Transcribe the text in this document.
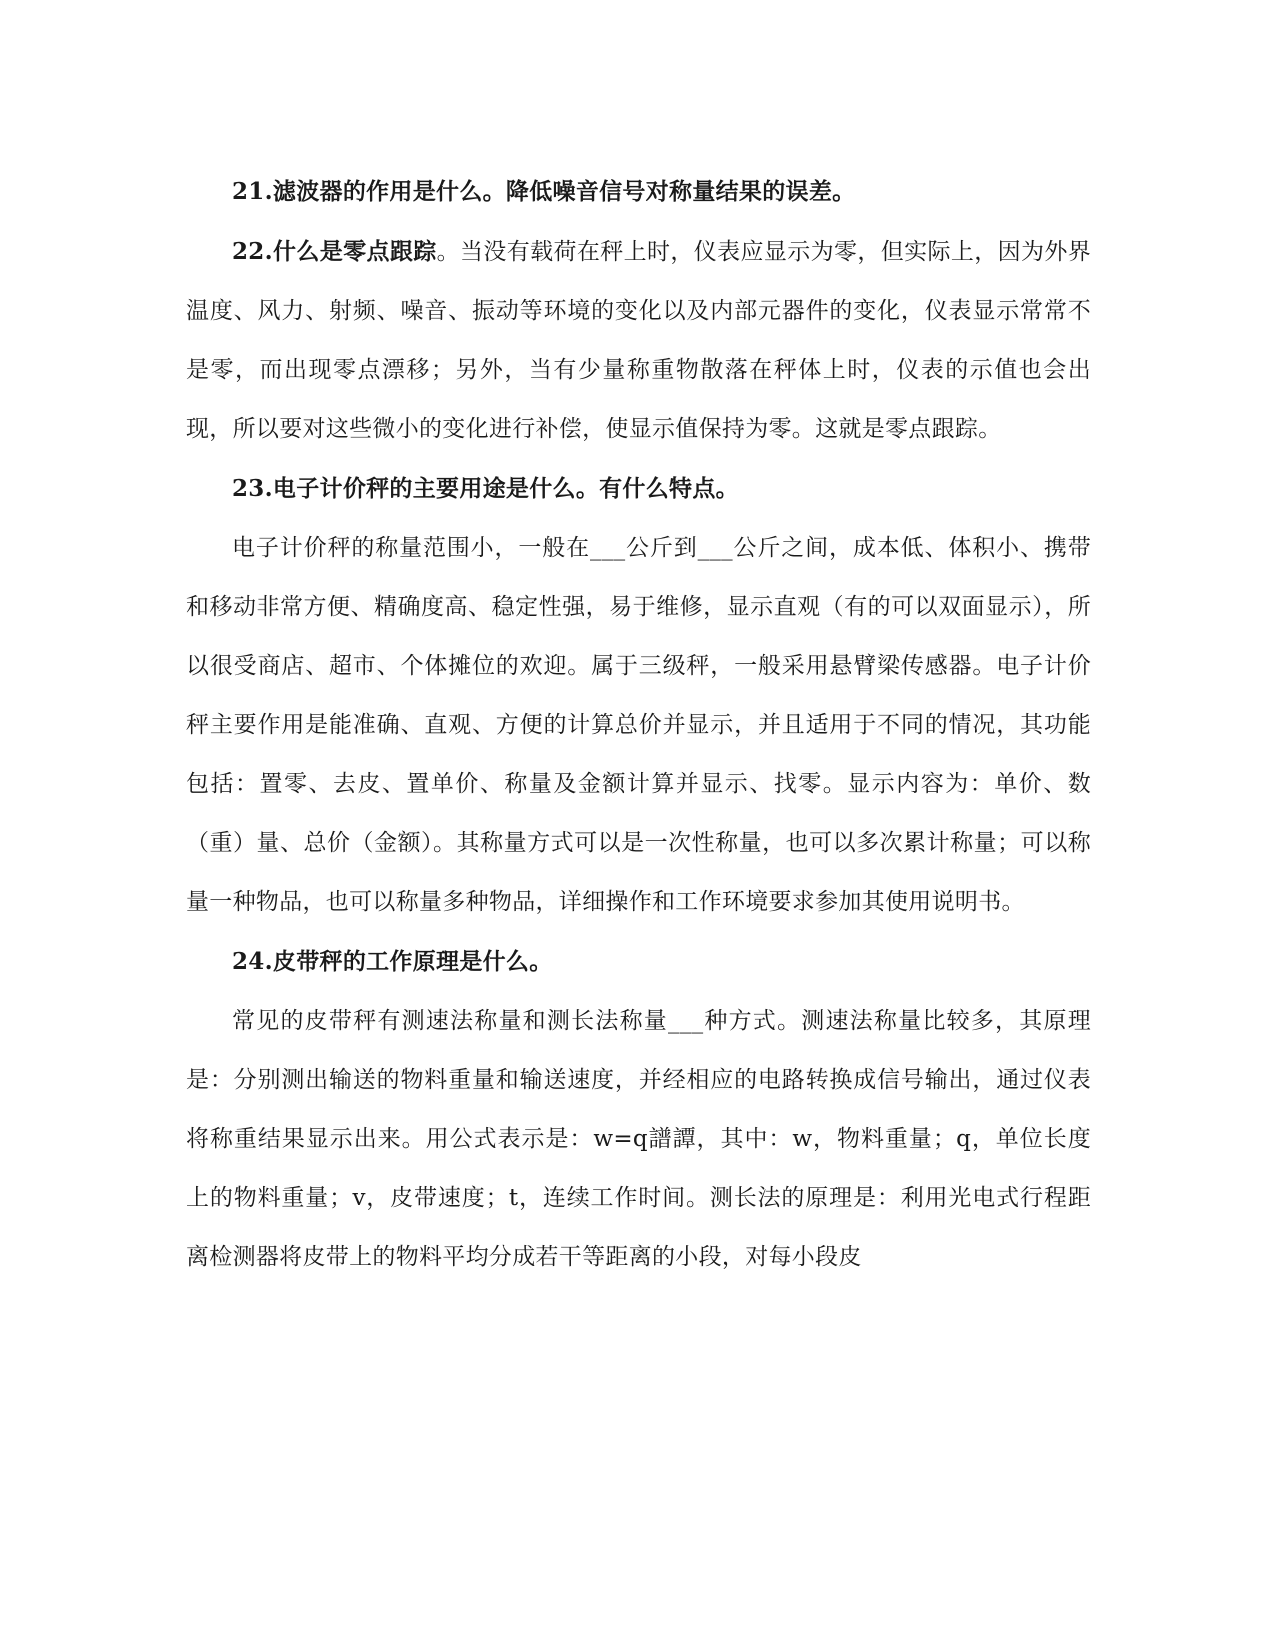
21.滤波器的作用是什么。降低噪音信号对称量结果的误差。

22.什么是零点跟踪。当没有载荷在秤上时，仪表应显示为零，但实际上，因为外界温度、风力、射频、噪音、振动等环境的变化以及内部元器件的变化，仪表显示常常不是零，而出现零点漂移；另外，当有少量称重物散落在秤体上时，仪表的示值也会出现，所以要对这些微小的变化进行补偿，使显示值保持为零。这就是零点跟踪。

23.电子计价秤的主要用途是什么。有什么特点。

电子计价秤的称量范围小，一般在___公斤到___公斤之间，成本低、体积小、携带和移动非常方便、精确度高、稳定性强，易于维修，显示直观（有的可以双面显示），所以很受商店、超市、个体摊位的欢迎。属于三级秤，一般采用悬臂梁传感器。电子计价秤主要作用是能准确、直观、方便的计算总价并显示，并且适用于不同的情况，其功能包括：置零、去皮、置单价、称量及金额计算并显示、找零。显示内容为：单价、数（重）量、总价（金额）。其称量方式可以是一次性称量，也可以多次累计称量；可以称量一种物品，也可以称量多种物品，详细操作和工作环境要求参加其使用说明书。

24.皮带秤的工作原理是什么。

常见的皮带秤有测速法称量和测长法称量___种方式。测速法称量比较多，其原理是：分别测出输送的物料重量和输送速度，并经相应的电路转换成信号输出，通过仪表将称重结果显示出来。用公式表示是：w=q譜譚，其中：w，物料重量；q，单位长度上的物料重量；v，皮带速度；t，连续工作时间。测长法的原理是：利用光电式行程距离检测器将皮带上的物料平均分成若干等距离的小段，对每小段皮
